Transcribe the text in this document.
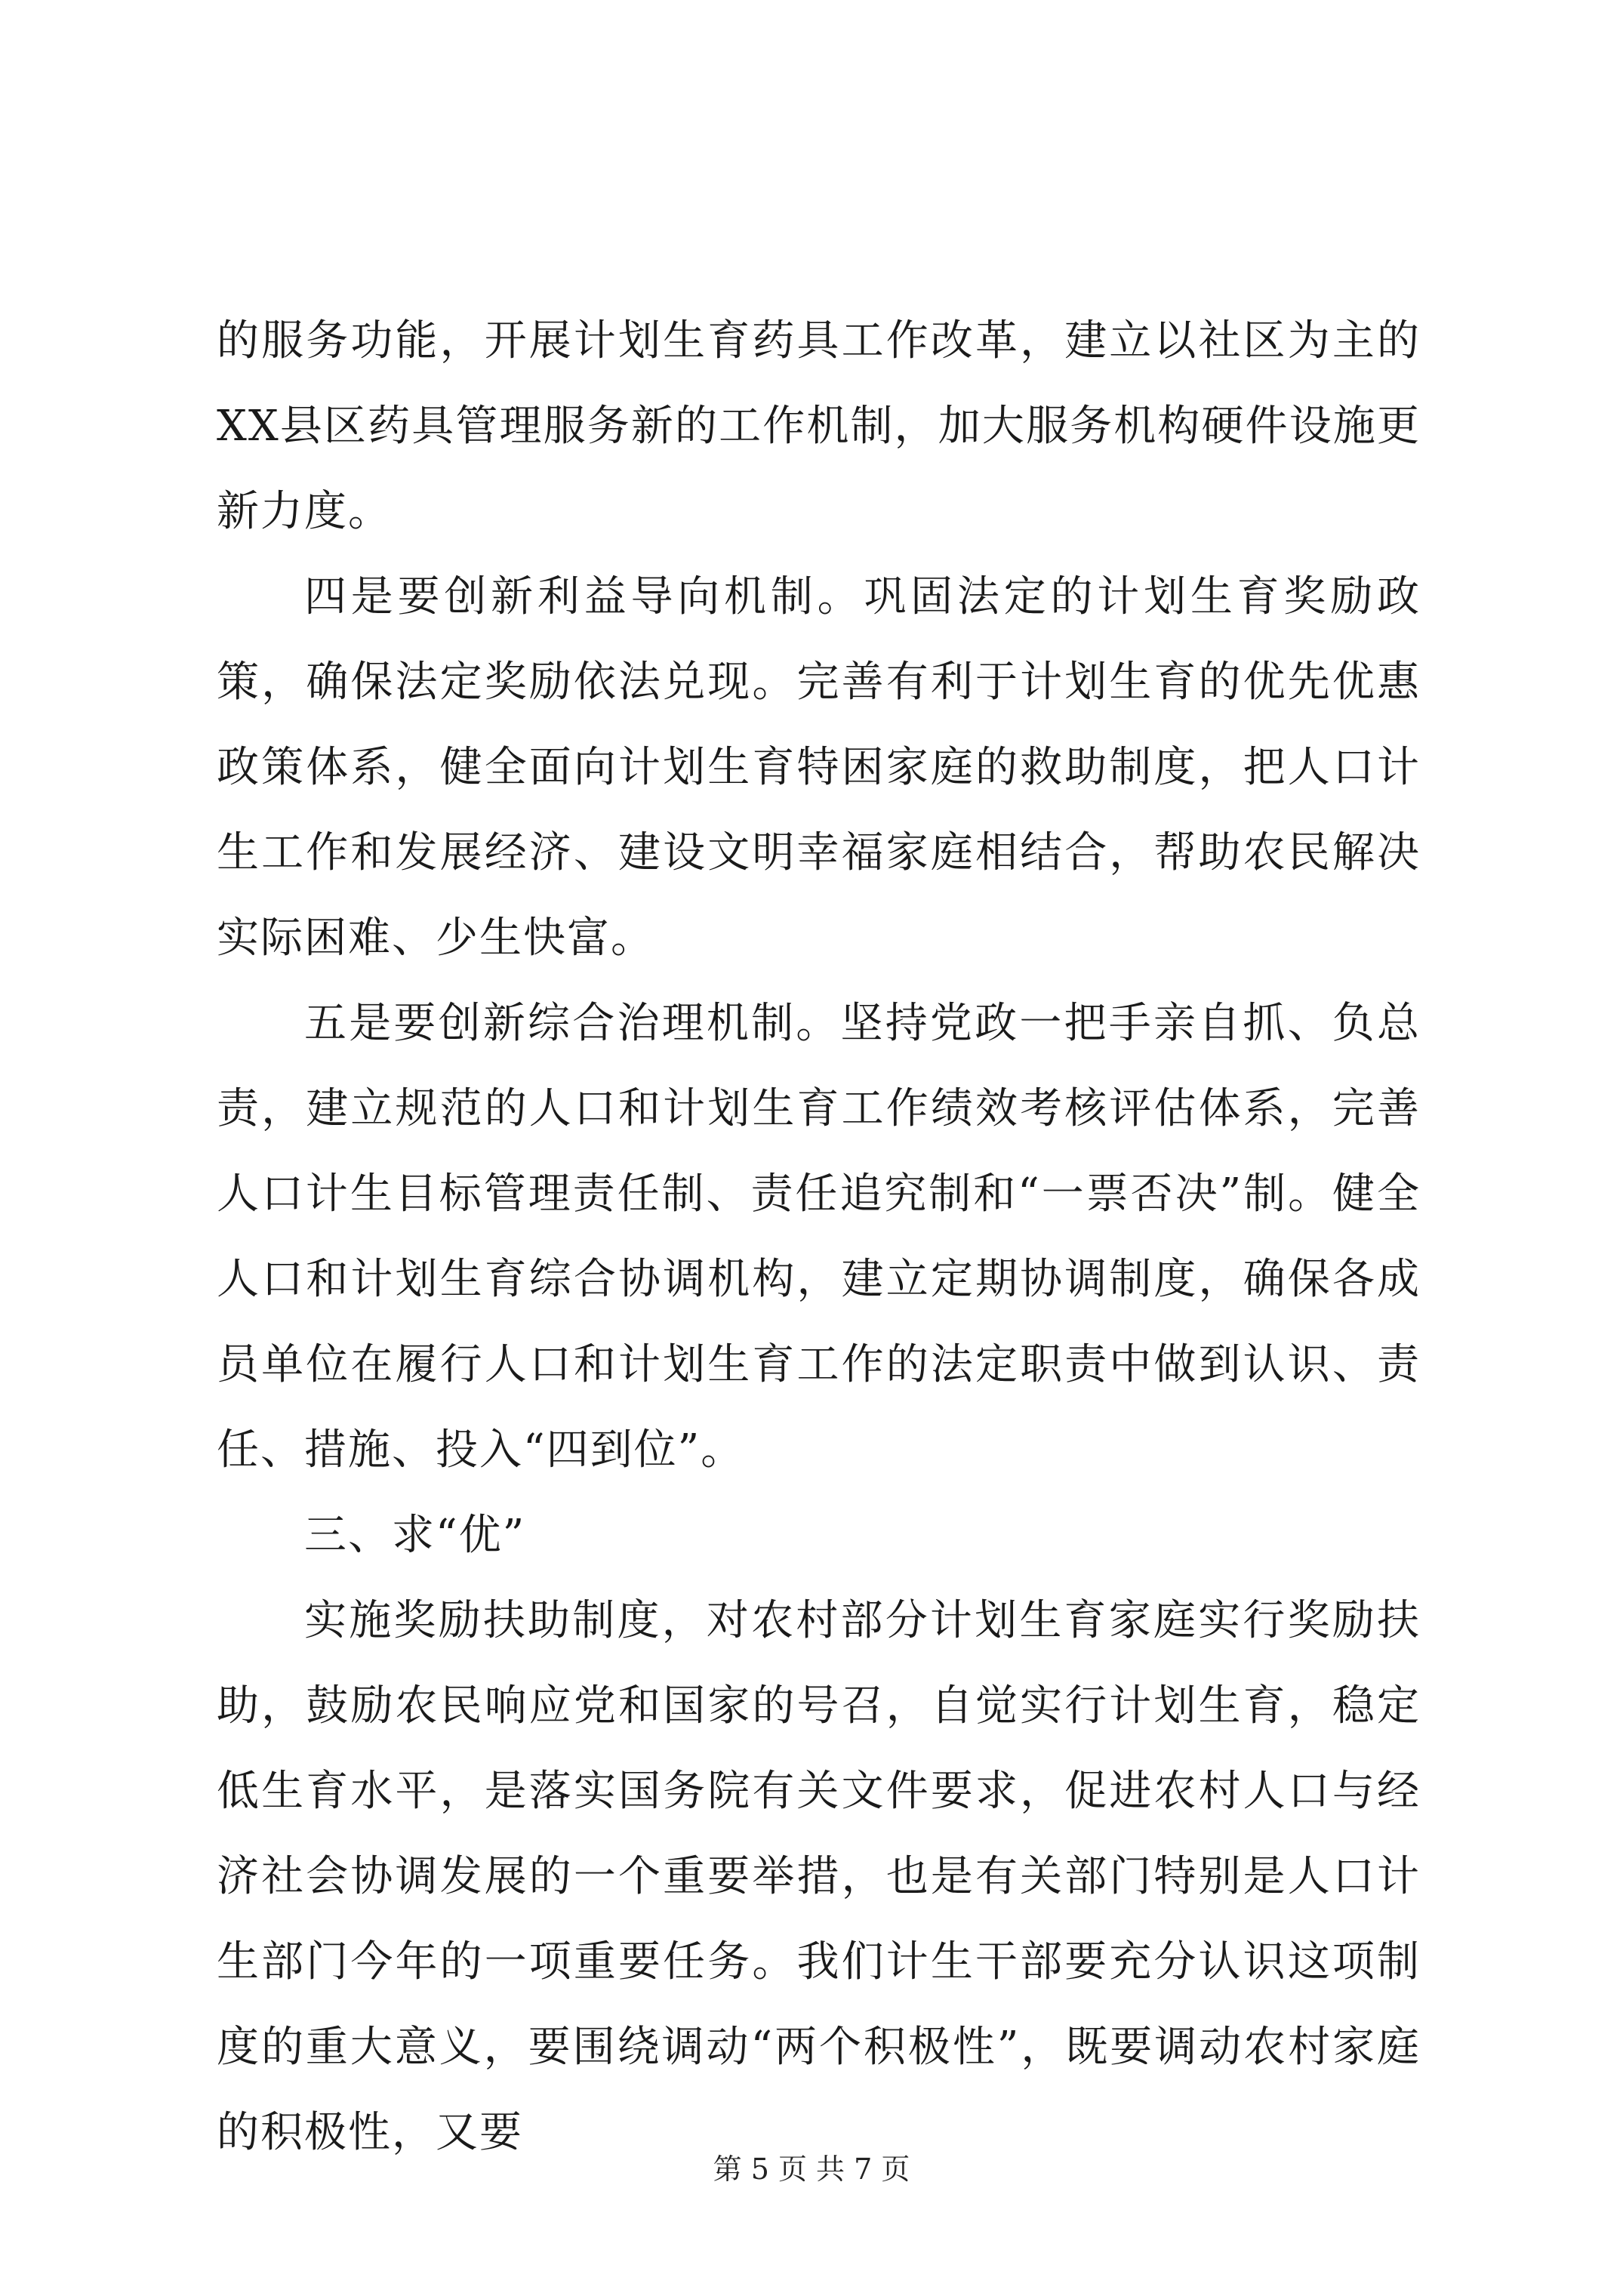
的服务功能，开展计划生育药具工作改革，建立以社区为主的XX县区药具管理服务新的工作机制，加大服务机构硬件设施更新力度。

四是要创新利益导向机制。巩固法定的计划生育奖励政策，确保法定奖励依法兑现。完善有利于计划生育的优先优惠政策体系，健全面向计划生育特困家庭的救助制度，把人口计生工作和发展经济、建设文明幸福家庭相结合，帮助农民解决实际困难、少生快富。

五是要创新综合治理机制。坚持党政一把手亲自抓、负总责，建立规范的人口和计划生育工作绩效考核评估体系，完善人口计生目标管理责任制、责任追究制和“一票否决”制。健全人口和计划生育综合协调机构，建立定期协调制度，确保各成员单位在履行人口和计划生育工作的法定职责中做到认识、责任、措施、投入“四到位”。

三、求“优”

实施奖励扶助制度，对农村部分计划生育家庭实行奖励扶助，鼓励农民响应党和国家的号召，自觉实行计划生育，稳定低生育水平，是落实国务院有关文件要求，促进农村人口与经济社会协调发展的一个重要举措，也是有关部门特别是人口计生部门今年的一项重要任务。我们计生干部要充分认识这项制度的重大意义，要围绕调动“两个积极性”，既要调动农村家庭的积极性，又要

第 5 页 共 7 页
